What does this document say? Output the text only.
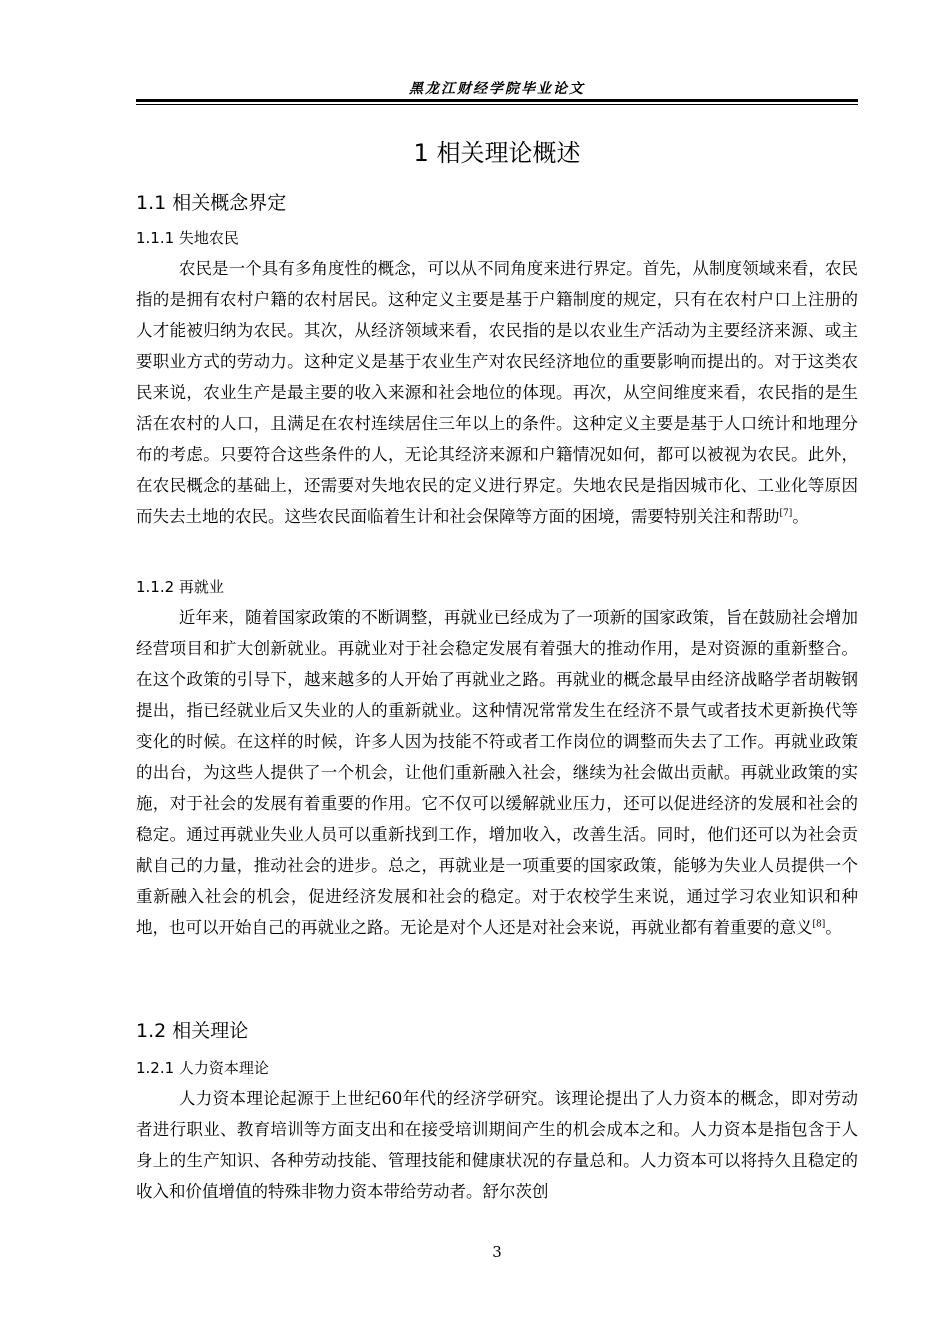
黑龙江财经学院毕业论文
1 相关理论概述
1.1 相关概念界定
1.1.1 失地农民

农民是一个具有多角度性的概念，可以从不同角度来进行界定。首先，从制度领域来看，农民指的是拥有农村户籍的农村居民。这种定义主要是基于户籍制度的规定，只有在农村户口上注册的人才能被归纳为农民。其次，从经济领域来看，农民指的是以农业生产活动为主要经济来源、或主要职业方式的劳动力。这种定义是基于农业生产对农民经济地位的重要影响而提出的。对于这类农民来说，农业生产是最主要的收入来源和社会地位的体现。再次，从空间维度来看，农民指的是生活在农村的人口，且满足在农村连续居住三年以上的条件。这种定义主要是基于人口统计和地理分布的考虑。只要符合这些条件的人，无论其经济来源和户籍情况如何，都可以被视为农民。此外，在农民概念的基础上，还需要对失地农民的定义进行界定。失地农民是指因城市化、工业化等原因而失去土地的农民。这些农民面临着生计和社会保障等方面的困境，需要特别关注和帮助[7]。

1.1.2 再就业

近年来，随着国家政策的不断调整，再就业已经成为了一项新的国家政策，旨在鼓励社会增加经营项目和扩大创新就业。再就业对于社会稳定发展有着强大的推动作用，是对资源的重新整合。在这个政策的引导下，越来越多的人开始了再就业之路。再就业的概念最早由经济战略学者胡鞍钢提出，指已经就业后又失业的人的重新就业。这种情况常常发生在经济不景气或者技术更新换代等变化的时候。在这样的时候，许多人因为技能不符或者工作岗位的调整而失去了工作。再就业政策的出台，为这些人提供了一个机会，让他们重新融入社会，继续为社会做出贡献。再就业政策的实施，对于社会的发展有着重要的作用。它不仅可以缓解就业压力，还可以促进经济的发展和社会的稳定。通过再就业失业人员可以重新找到工作，增加收入，改善生活。同时，他们还可以为社会贡献自己的力量，推动社会的进步。总之，再就业是一项重要的国家政策，能够为失业人员提供一个重新融入社会的机会，促进经济发展和社会的稳定。对于农校学生来说，通过学习农业知识和种地，也可以开始自己的再就业之路。无论是对个人还是对社会来说，再就业都有着重要的意义[8]。

1.2 相关理论
1.2.1 人力资本理论

人力资本理论起源于上世纪60年代的经济学研究。该理论提出了人力资本的概念，即对劳动者进行职业、教育培训等方面支出和在接受培训期间产生的机会成本之和。人力资本是指包含于人身上的生产知识、各种劳动技能、管理技能和健康状况的存量总和。人力资本可以将持久且稳定的收入和价值增值的特殊非物力资本带给劳动者。舒尔茨创

3
